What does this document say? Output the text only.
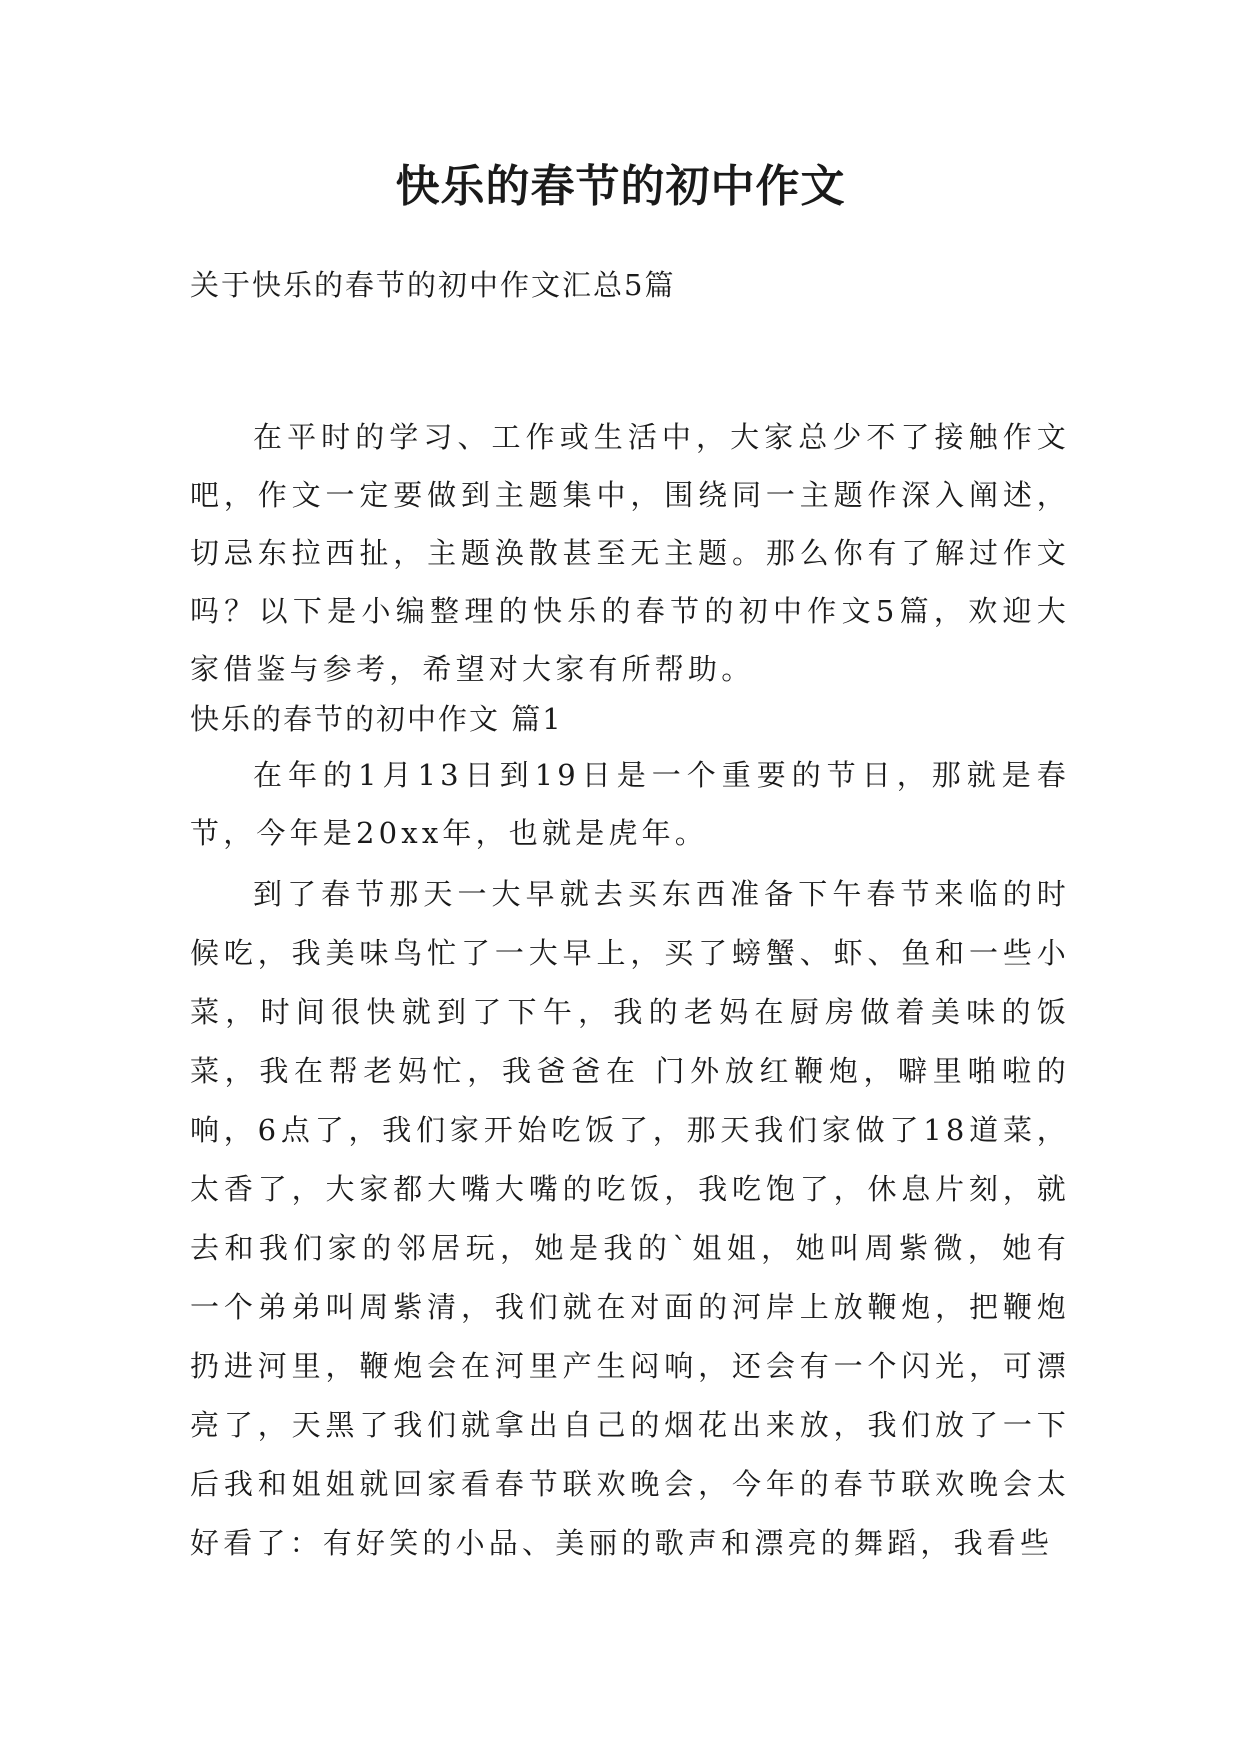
快乐的春节的初中作文
关于快乐的春节的初中作文汇总5篇
在平时的学习、工作或生活中，大家总少不了接触作文吧，作文一定要做到主题集中，围绕同一主题作深入阐述，切忌东拉西扯，主题涣散甚至无主题。那么你有了解过作文吗？以下是小编整理的快乐的春节的初中作文5篇，欢迎大家借鉴与参考，希望对大家有所帮助。
快乐的春节的初中作文 篇1
在年的1月13日到19日是一个重要的节日，那就是春节，今年是20xx年，也就是虎年。
到了春节那天一大早就去买东西准备下午春节来临的时候吃，我美味鸟忙了一大早上，买了螃蟹、虾、鱼和一些小菜，时间很快就到了下午，我的老妈在厨房做着美味的饭菜，我在帮老妈忙，我爸爸在 门外放红鞭炮，噼里啪啦的响，6点了，我们家开始吃饭了，那天我们家做了18道菜，太香了，大家都大嘴大嘴的吃饭，我吃饱了，休息片刻，就去和我们家的邻居玩，她是我的`姐姐，她叫周紫微，她有一个弟弟叫周紫清，我们就在对面的河岸上放鞭炮，把鞭炮扔进河里，鞭炮会在河里产生闷响，还会有一个闪光，可漂亮了，天黑了我们就拿出自己的烟花出来放，我们放了一下后我和姐姐就回家看春节联欢晚会，今年的春节联欢晚会太好看了：有好笑的小品、美丽的歌声和漂亮的舞蹈，我看些
